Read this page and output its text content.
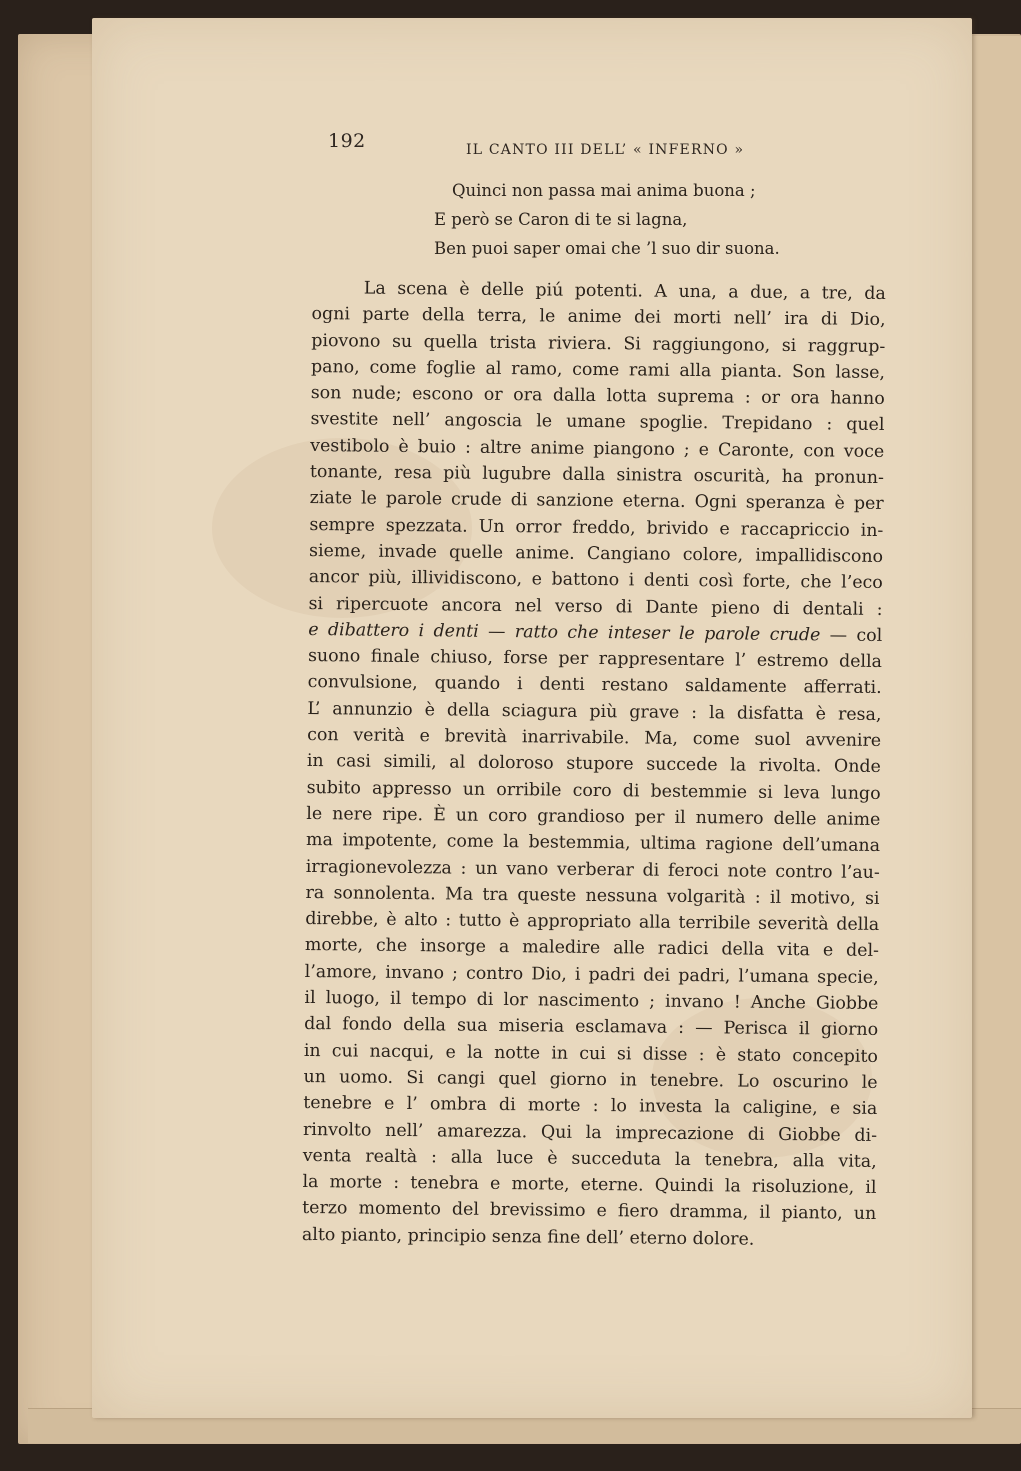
192	IL CANTO III DELL’ « INFERNO »
Quinci non passa mai anima buona ;
E però se Caron di te si lagna,
Ben puoi saper omai che ’l suo dir suona.
La scena è delle piú potenti. A una, a due, a tre, da
ogni parte della terra, le anime dei morti nell’ ira di Dio,
piovono su quella trista riviera. Si raggiungono, si raggrup-
pano, come foglie al ramo, come rami alla pianta. Son lasse,
son nude; escono or ora dalla lotta suprema : or ora hanno
svestite nell’ angoscia le umane spoglie. Trepidano : quel
vestibolo è buio : altre anime piangono ; e Caronte, con voce
tonante, resa più lugubre dalla sinistra oscurità, ha pronun-
ziate le parole crude di sanzione eterna. Ogni speranza è per
sempre spezzata. Un orror freddo, brivido e raccapriccio in-
sieme, invade quelle anime. Cangiano colore, impallidiscono
ancor più, illividiscono, e battono i denti così forte, che l’eco
si ripercuote ancora nel verso di Dante pieno di dentali :
e dibattero i denti — ratto che inteser le parole crude — col
suono finale chiuso, forse per rappresentare l’ estremo della
convulsione, quando i denti restano saldamente afferrati.
L’ annunzio è della sciagura più grave : la disfatta è resa,
con verità e brevità inarrivabile. Ma, come suol avvenire
in casi simili, al doloroso stupore succede la rivolta. Onde
subito appresso un orribile coro di bestemmie si leva lungo
le nere ripe. È un coro grandioso per il numero delle anime
ma impotente, come la bestemmia, ultima ragione dell’umana
irragionevolezza : un vano verberar di feroci note contro l’au-
ra sonnolenta. Ma tra queste nessuna volgarità : il motivo, si
direbbe, è alto : tutto è appropriato alla terribile severità della
morte, che insorge a maledire alle radici della vita e del-
l’amore, invano ; contro Dio, i padri dei padri, l’umana specie,
il luogo, il tempo di lor nascimento ; invano ! Anche Giobbe
dal fondo della sua miseria esclamava : — Perisca il giorno
in cui nacqui, e la notte in cui si disse : è stato concepito
un uomo. Si cangi quel giorno in tenebre. Lo oscurino le
tenebre e l’ ombra di morte : lo investa la caligine, e sia
rinvolto nell’ amarezza. Qui la imprecazione di Giobbe di-
venta realtà : alla luce è succeduta la tenebra, alla vita,
la morte : tenebra e morte, eterne. Quindi la risoluzione, il
terzo momento del brevissimo e fiero dramma, il pianto, un
alto pianto, principio senza fine dell’ eterno dolore.
